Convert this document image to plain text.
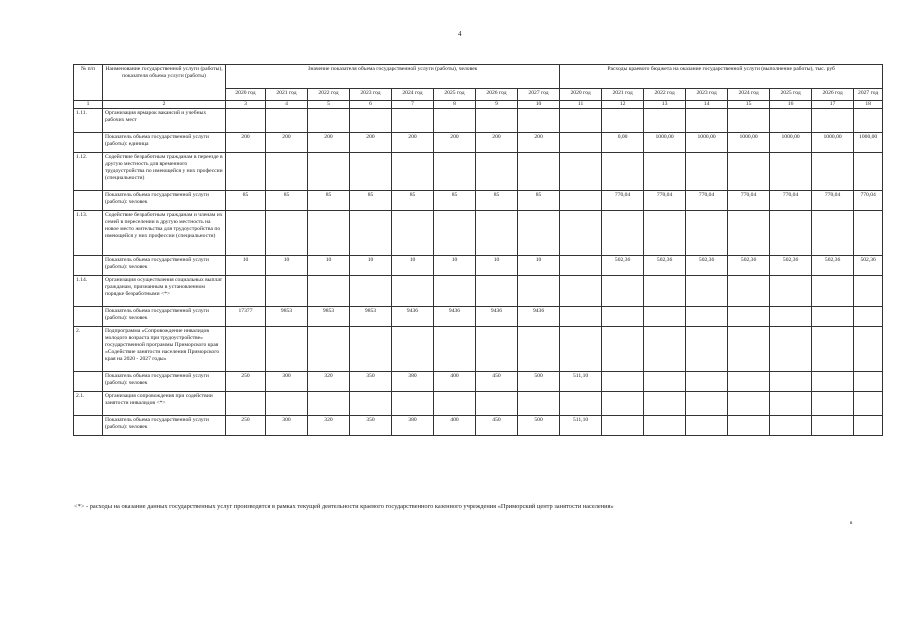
4
№ п/п	Наименование государственной услуги (работы), показателя объема услуги (работы)	Значение показателя объема государственной услуги (работы), человек								Расходы краевого бюджета на оказание государственной услуги (выполнение работы), тыс. руб							
		2020 год	2021 год	2022 год	2023 год	2024 год	2025 год	2026 год	2027 год	2020 год	2021 год	2022 год	2023 год	2024 год	2025 год	2026 год	2027 год
1	2	3	4	5	6	7	8	9	10	11	12	13	14	15	16	17	18
1.11.	Организация ярмарок вакансий и учебных рабочих мест																
	Показатель объема государственной услуги (работы): единица	200	200	200	200	200	200	200	200		0,00	1000,00	1000,00	1000,00	1000,00	1000,00	1000,00
1.12.	Содействие безработным гражданам в переезде в другую местность для временного трудоустройства по имеющейся у них профессии (специальности)																
	Показатель объема государственной услуги (работы): человек	85	85	85	85	85	85	85	85		770,04	770,04	770,04	770,04	770,04	770,04	770,04
1.13.	Содействие безработным гражданам и членам их семей в переселении в другую местность на новое место жительства для трудоустройства по имеющейся у них профессии (специальности)																
	Показатель объема государственной услуги (работы): человек	10	10	10	10	10	10	10	10		502,36	502,36	502,36	502,36	502,36	502,36	502,36
1.14.	Организация осуществления социальных выплат гражданам, признанным в установленном порядке безработными <*>																
	Показатель объема государственной услуги (работы): человек	17377	9853	9853	9853	9436	9436	9436	9436								
2.	Подпрограмма «Сопровождение инвалидов молодого возраста при трудоустройстве» государственной программы Приморского края «Содействие занятости населения Приморского края на 2020 - 2027 годы»																
	Показатель объема государственной услуги (работы): человек	250	300	320	350	380	400	450	500	511,10							
2.1.	Организация сопровождения при содействии занятости инвалидов <*>																
	Показатель объема государственной услуги (работы): человек	250	300	320	350	380	400	450	500	511,10							
<*> - расходы на оказание данных государственных услуг производятся в рамках текущей деятельности краевого государственного казенного учреждения «Приморский центр занятости населения»
в
